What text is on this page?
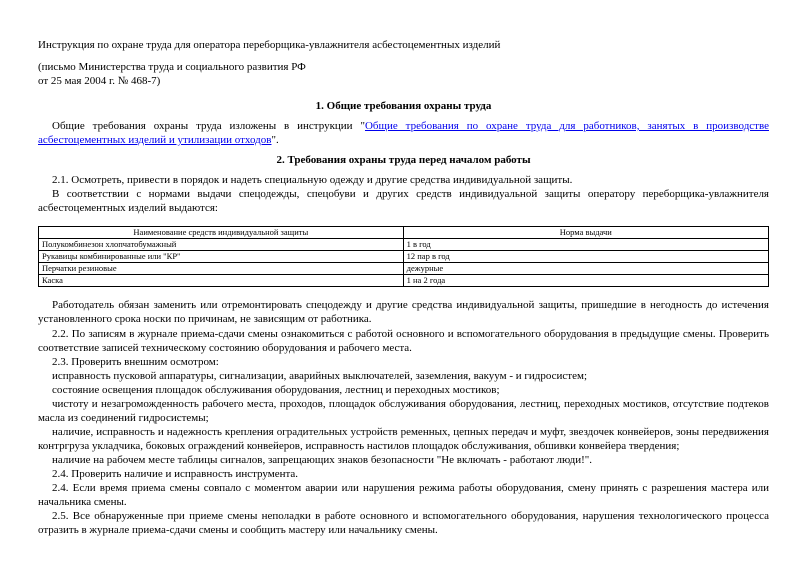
Инструкция по охране труда для оператора переборщика-увлажнителя асбестоцементных изделий
(письмо Министерства труда и социального развития РФ
от 25 мая 2004 г. № 468-7)
1. Общие требования охраны труда
Общие требования охраны труда изложены в инструкции "Общие требования по охране труда для работников, занятых в производстве асбестоцементных изделий и утилизации отходов".
2. Требования охраны труда перед началом работы
2.1. Осмотреть, привести в порядок и надеть специальную одежду и другие средства индивидуальной защиты.
В соответствии с нормами выдачи спецодежды, спецобуви и других средств индивидуальной защиты оператору переборщика-увлажнителя асбестоцементных изделий выдаются:
Наименование средств индивидуальной защиты	Норма выдачи
Полукомбинезон хлопчатобумажный	1 в год
Рукавицы комбинированные или "КР"	12 пар в год
Перчатки резиновые	дежурные
Каска	1 на 2 года
Работодатель обязан заменить или отремонтировать спецодежду и другие средства индивидуальной защиты, пришедшие в негодность до истечения установленного срока носки по причинам, не зависящим от работника.
2.2. По записям в журнале приема-сдачи смены ознакомиться с работой основного и вспомогательного оборудования в предыдущие смены. Проверить соответствие записей техническому состоянию оборудования и рабочего места.
2.3. Проверить внешним осмотром:
исправность пусковой аппаратуры, сигнализации, аварийных выключателей, заземления, вакуум - и гидросистем;
состояние освещения площадок обслуживания оборудования, лестниц и переходных мостиков;
чистоту и незагроможденность рабочего места, проходов, площадок обслуживания оборудования, лестниц, переходных мостиков, отсутствие подтеков масла из соединений гидросистемы;
наличие, исправность и надежность крепления оградительных устройств ременных, цепных передач и муфт, звездочек конвейеров, зоны передвижения контргруза укладчика, боковых ограждений конвейеров, исправность настилов площадок обслуживания, обшивки конвейера твердения;
наличие на рабочем месте таблицы сигналов, запрещающих знаков безопасности "Не включать - работают люди!".
2.4. Проверить наличие и исправность инструмента.
2.4. Если время приема смены совпало с моментом аварии или нарушения режима работы оборудования, смену принять с разрешения мастера или начальника смены.
2.5. Все обнаруженные при приеме смены неполадки в работе основного и вспомогательного оборудования, нарушения технологического процесса отразить в журнале приема-сдачи смены и сообщить мастеру или начальнику смены.
